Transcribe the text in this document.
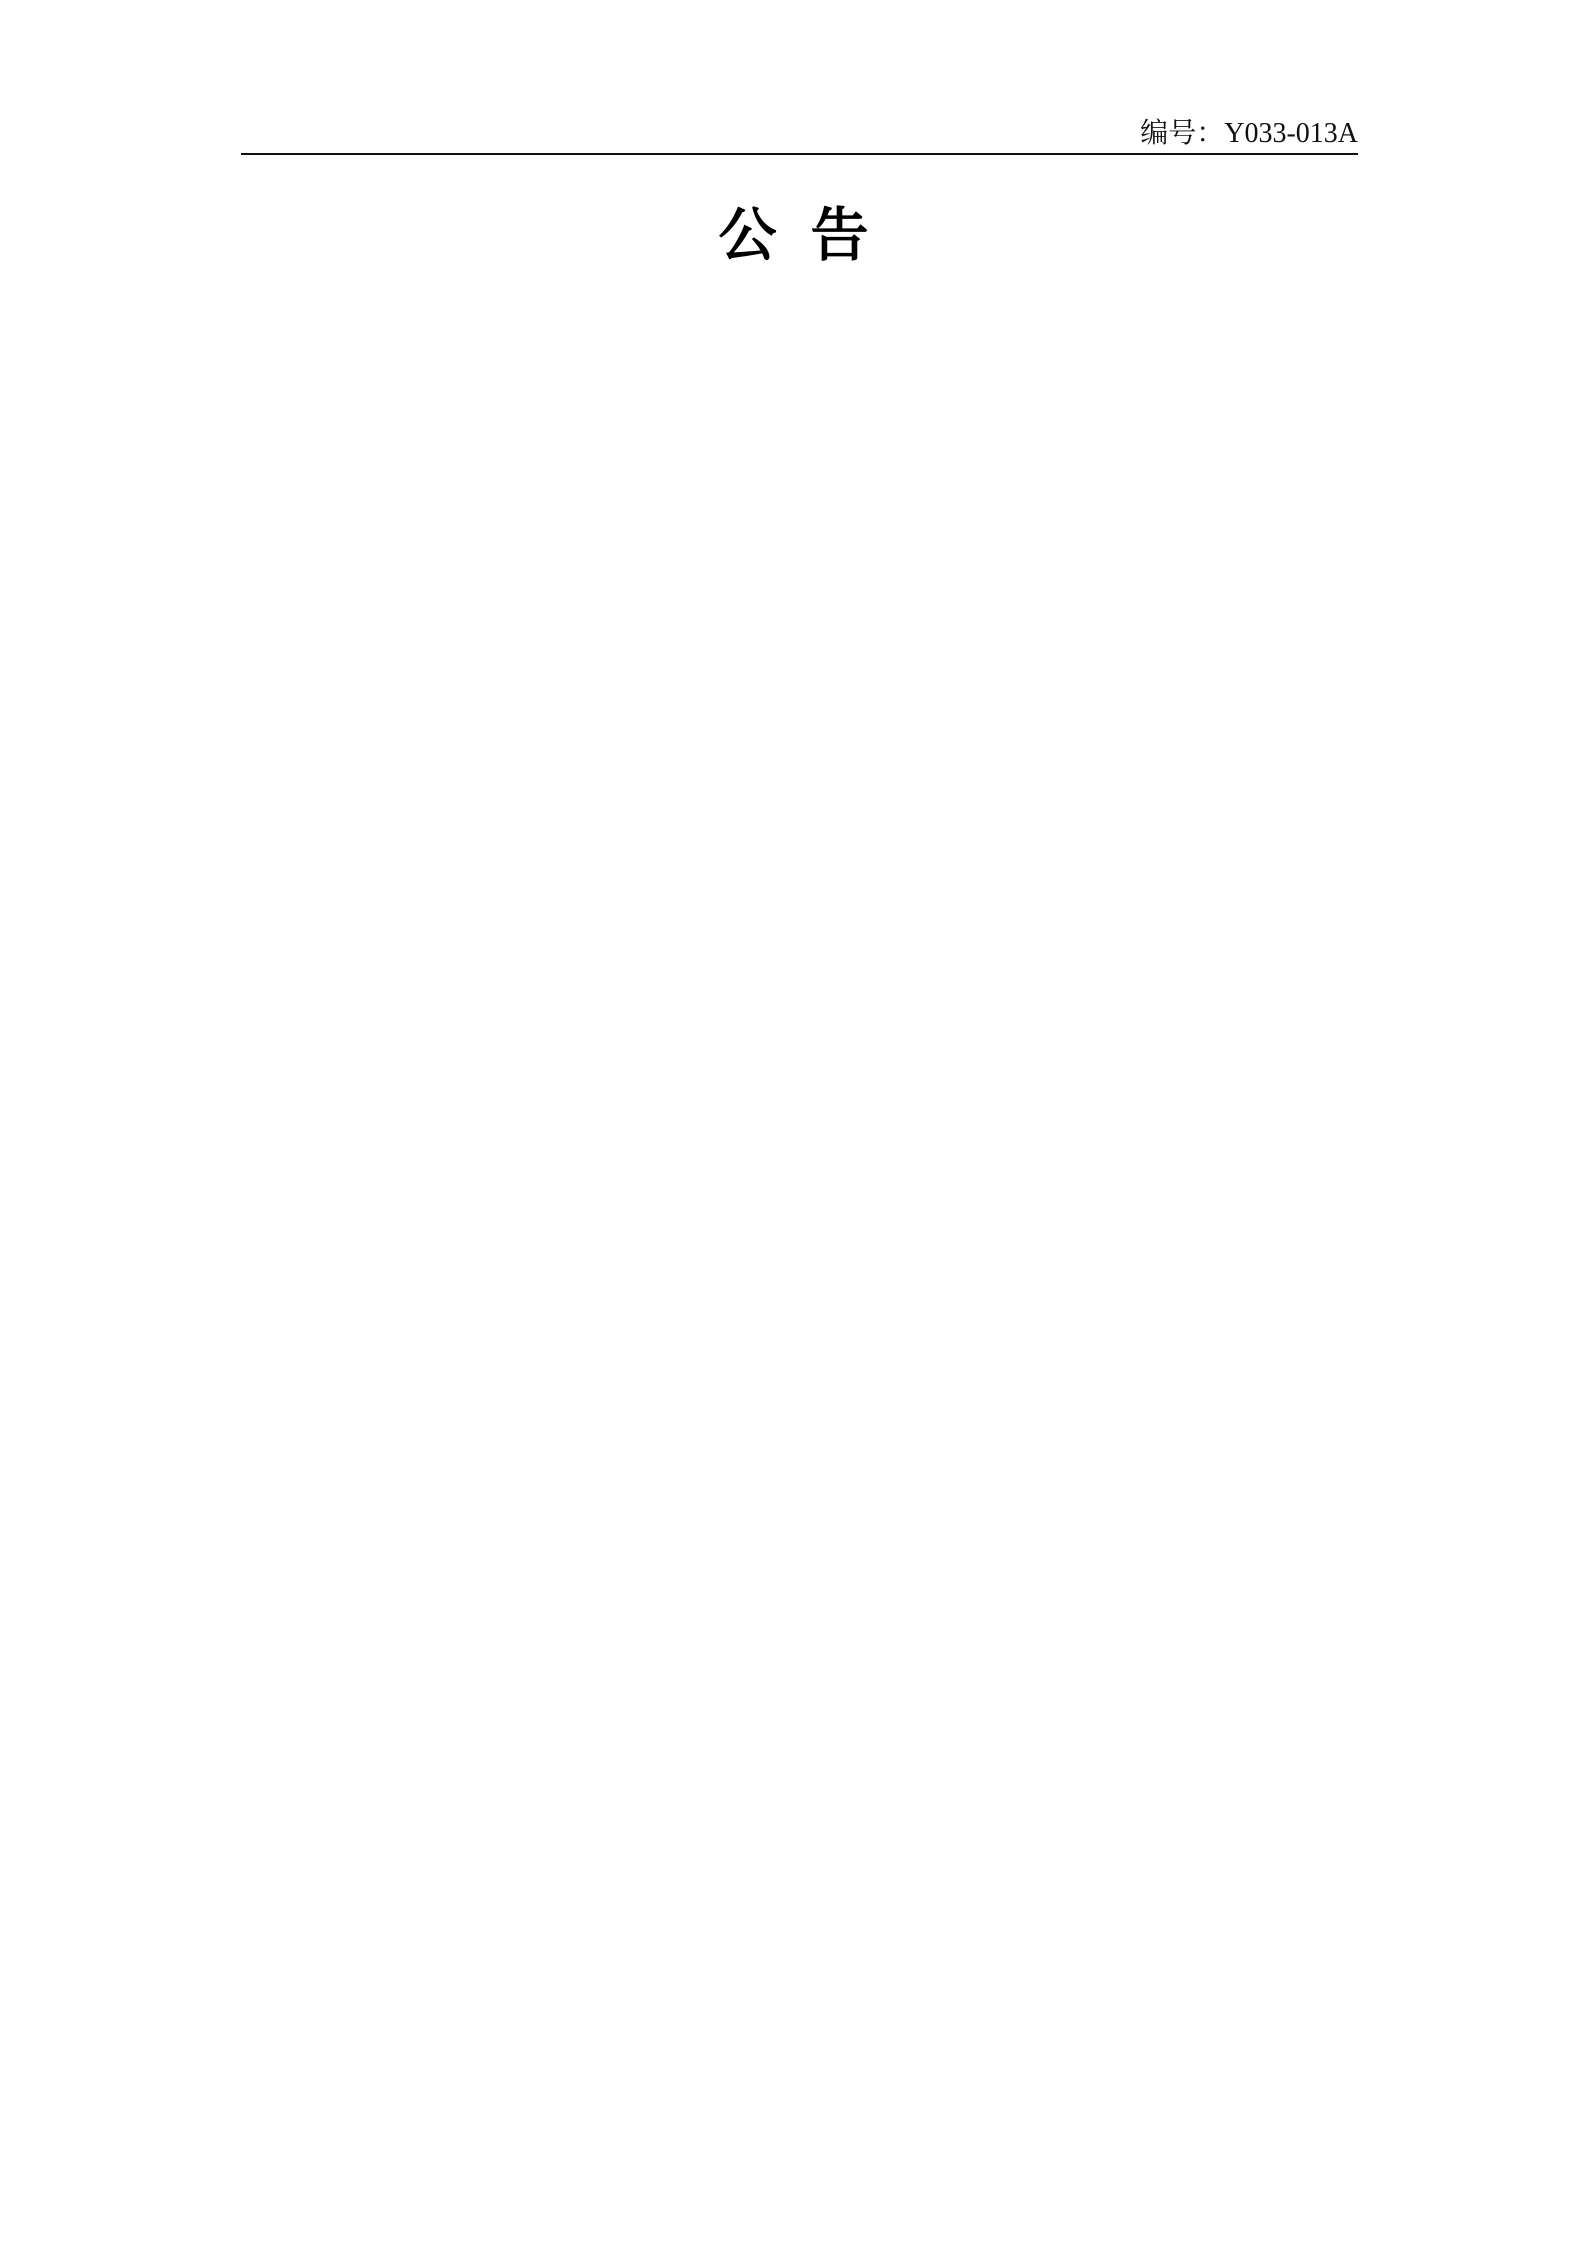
编号：Y033-013A
公告
